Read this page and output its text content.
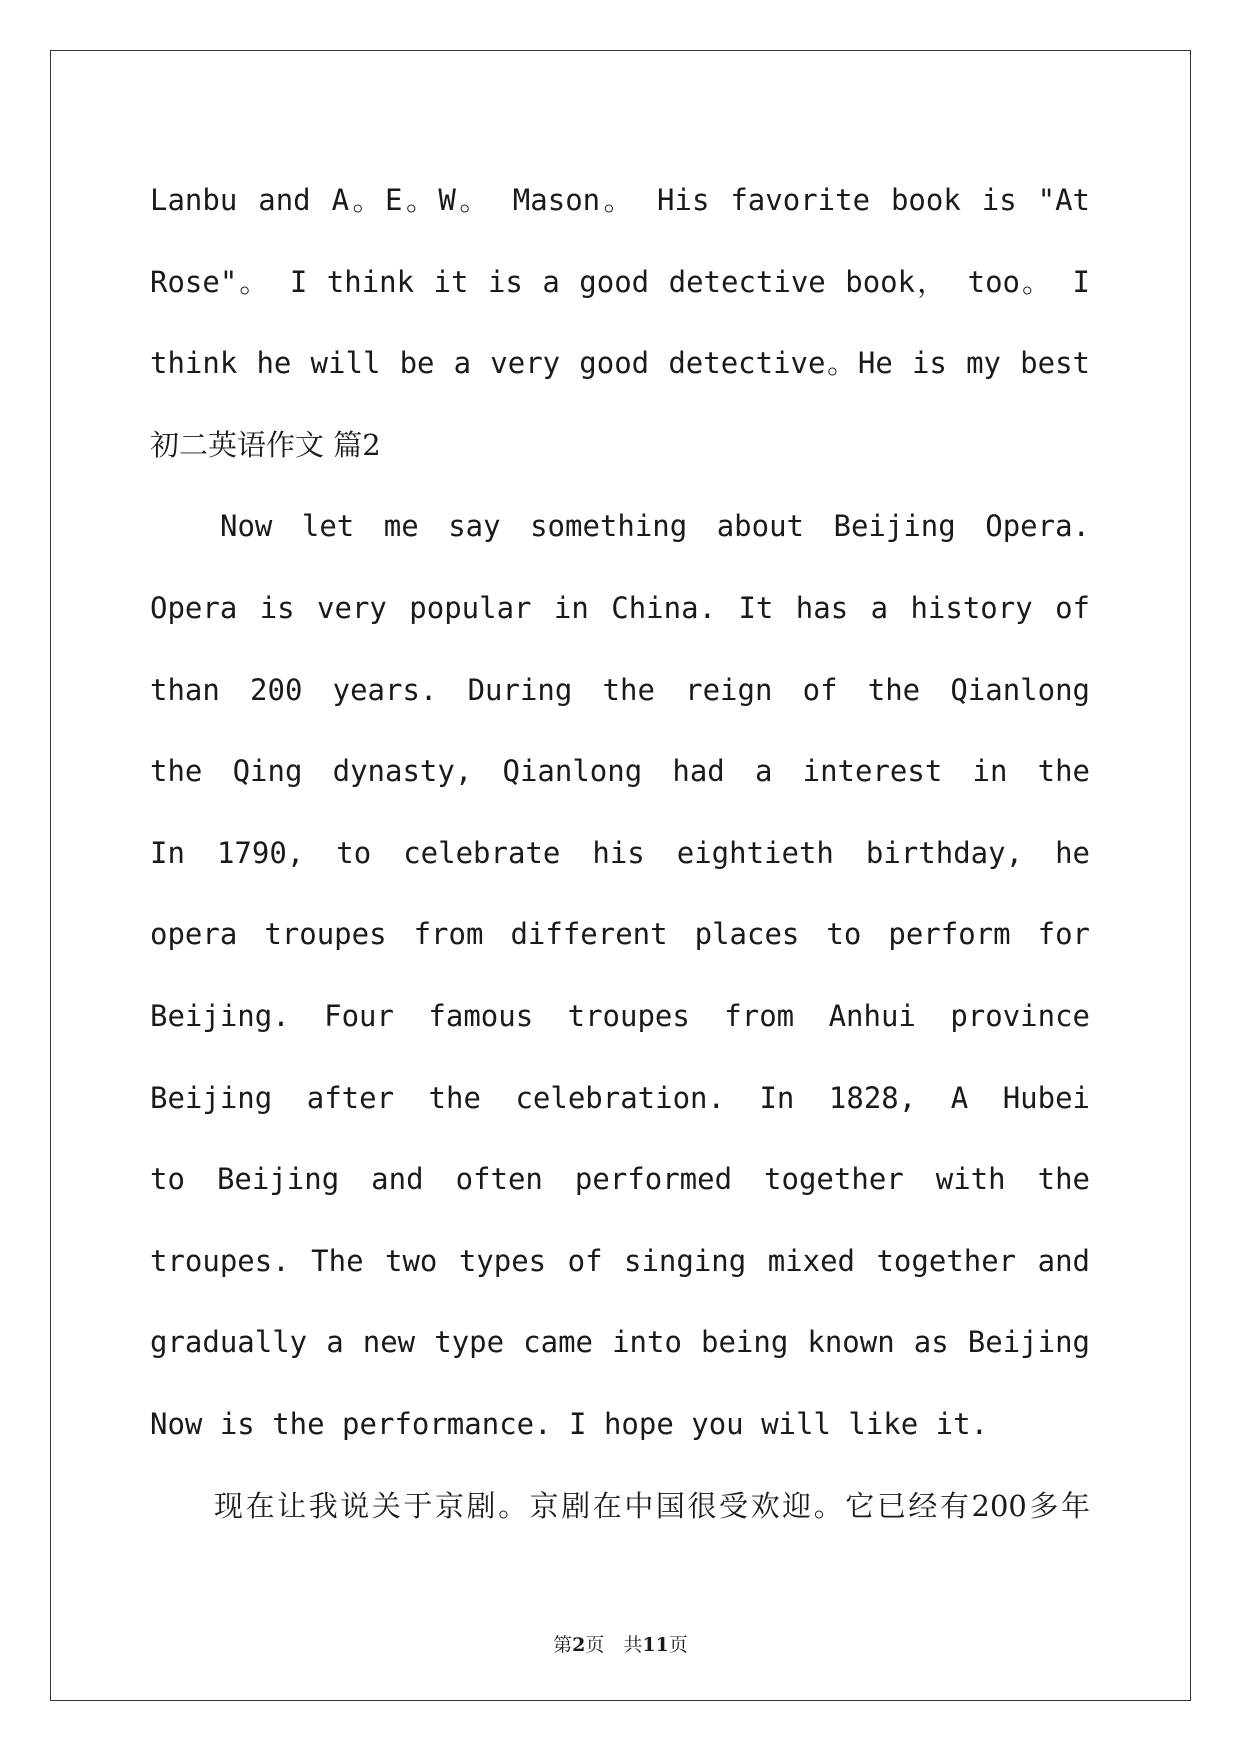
Lanbu and A。E。W。 Mason。 His favorite book is "At
Rose"。 I think it is a good detective book， too。 I
think he will be a very good detective。He is my best
初二英语作文 篇2
Now let me say something about Beijing Opera.
Opera is very popular in China. It has a history of
than 200 years. During the reign of the Qianlong
the Qing dynasty, Qianlong had a interest in the
In 1790, to celebrate his eightieth birthday, he
opera troupes from different places to perform for
Beijing. Four famous troupes from Anhui province
Beijing after the celebration. In 1828, A Hubei
to Beijing and often performed together with the
troupes. The two types of singing mixed together and
gradually a new type came into being known as Beijing
Now is the performance. I hope you will like it.
现在让我说关于京剧。京剧在中国很受欢迎。它已经有200多年
第2页　共11页
